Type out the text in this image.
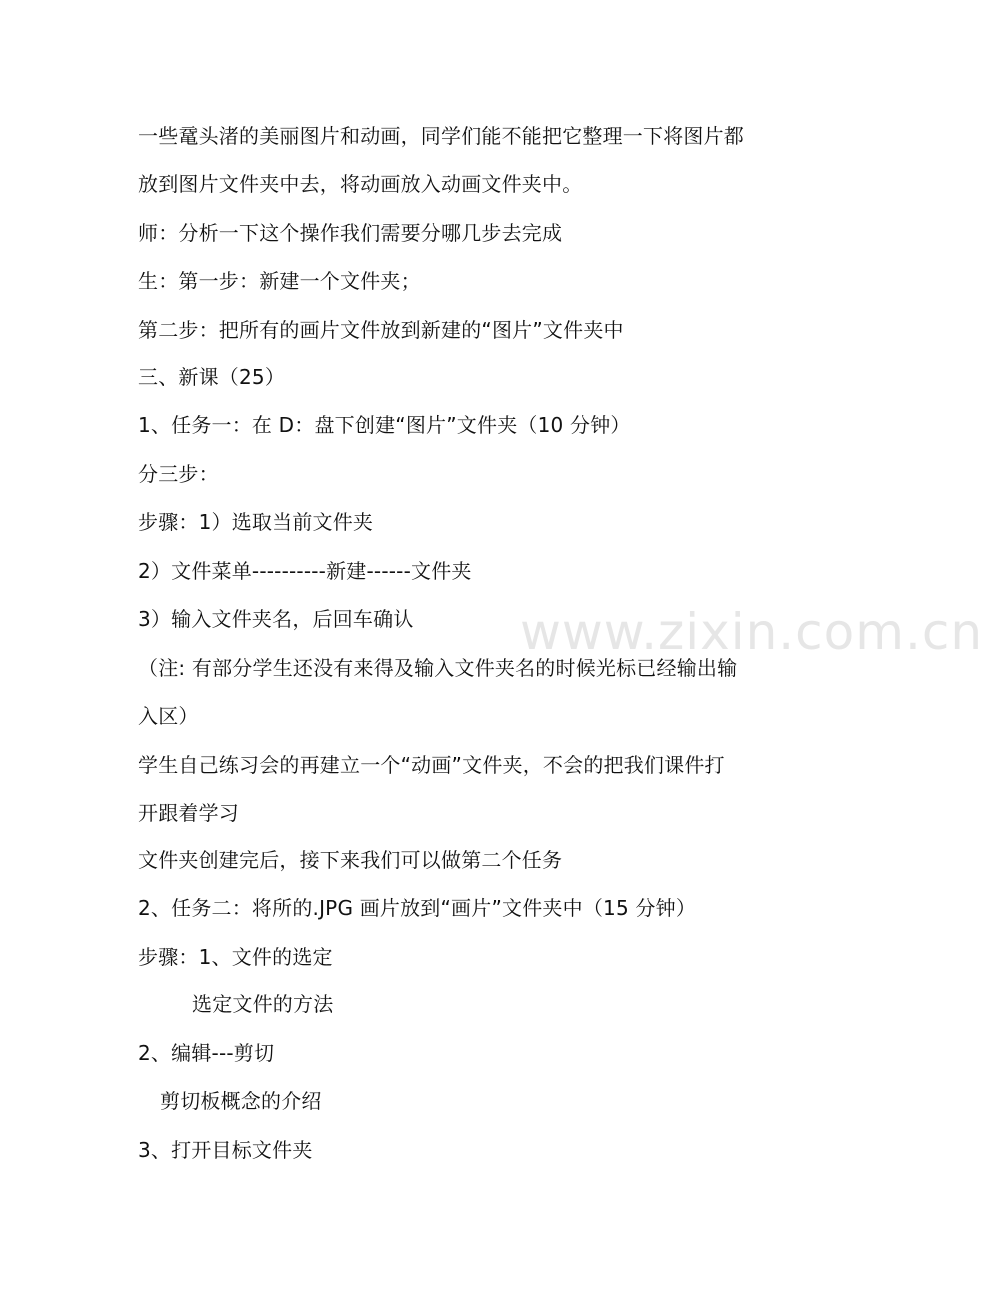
www.zixin.com.cn
一些鼋头渚的美丽图片和动画，同学们能不能把它整理一下将图片都
放到图片文件夹中去，将动画放入动画文件夹中。
师：分析一下这个操作我们需要分哪几步去完成
生：第一步：新建一个文件夹；
第二步：把所有的画片文件放到新建的“图片”文件夹中
三、新课（25）
1、任务一：在 D：盘下创建“图片”文件夹（10 分钟）
分三步：
步骤：1）选取当前文件夹
2）文件菜单----------新建------文件夹
3）输入文件夹名，后回车确认
（注: 有部分学生还没有来得及输入文件夹名的时候光标已经输出输
入区）
学生自己练习会的再建立一个“动画”文件夹，不会的把我们课件打
开跟着学习
文件夹创建完后，接下来我们可以做第二个任务
2、任务二：将所的.JPG 画片放到“画片”文件夹中（15 分钟）
步骤：1、文件的选定
选定文件的方法
2、编辑---剪切
剪切板概念的介绍
3、打开目标文件夹
